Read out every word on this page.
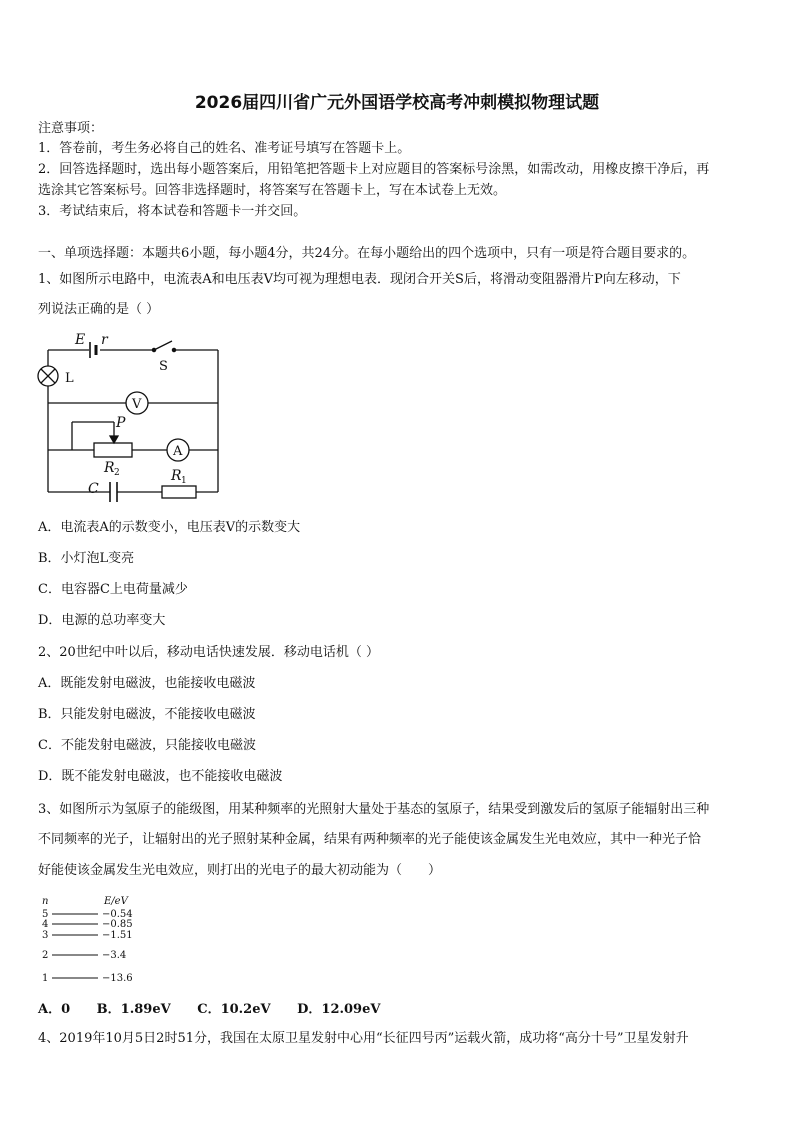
2026届四川省广元外国语学校高考冲刺模拟物理试题
注意事项：
1．答卷前，考生务必将自己的姓名、准考证号填写在答题卡上。
2．回答选择题时，选出每小题答案后，用铅笔把答题卡上对应题目的答案标号涂黑，如需改动，用橡皮擦干净后，再
选涂其它答案标号。回答非选择题时，将答案写在答题卡上，写在本试卷上无效。
3．考试结束后，将本试卷和答题卡一并交回。
一、单项选择题：本题共6小题，每小题4分，共24分。在每小题给出的四个选项中，只有一项是符合题目要求的。
1、如图所示电路中，电流表A和电压表V均可视为理想电表．现闭合开关S后，将滑动变阻器滑片P向左移动，下
列说法正确的是（ ）
E r
P
R
C
R
S
L
V
A
2
1
A．电流表A的示数变小，电压表V的示数变大
B．小灯泡L变亮
C．电容器C上电荷量减少
D．电源的总功率变大
2、20世纪中叶以后，移动电话快速发展．移动电话机（ ）
A．既能发射电磁波，也能接收电磁波
B．只能发射电磁波，不能接收电磁波
C．不能发射电磁波，只能接收电磁波
D．既不能发射电磁波，也不能接收电磁波
3、如图所示为氢原子的能级图，用某种频率的光照射大量处于基态的氢原子，结果受到激发后的氢原子能辐射出三种
不同频率的光子，让辐射出的光子照射某种金属，结果有两种频率的光子能使该金属发生光电效应，其中一种光子恰
好能使该金属发生光电效应，则打出的光电子的最大初动能为（　　）
n	E/eV
5	−0.54
4	−0.85
3	−1.51
2	−3.4
1	−13.6
A．0 B．1.89eV C．10.2eV D．12.09eV
4、2019年10月5日2时51分，我国在太原卫星发射中心用“长征四号丙”运载火箭，成功将“高分十号”卫星发射升
